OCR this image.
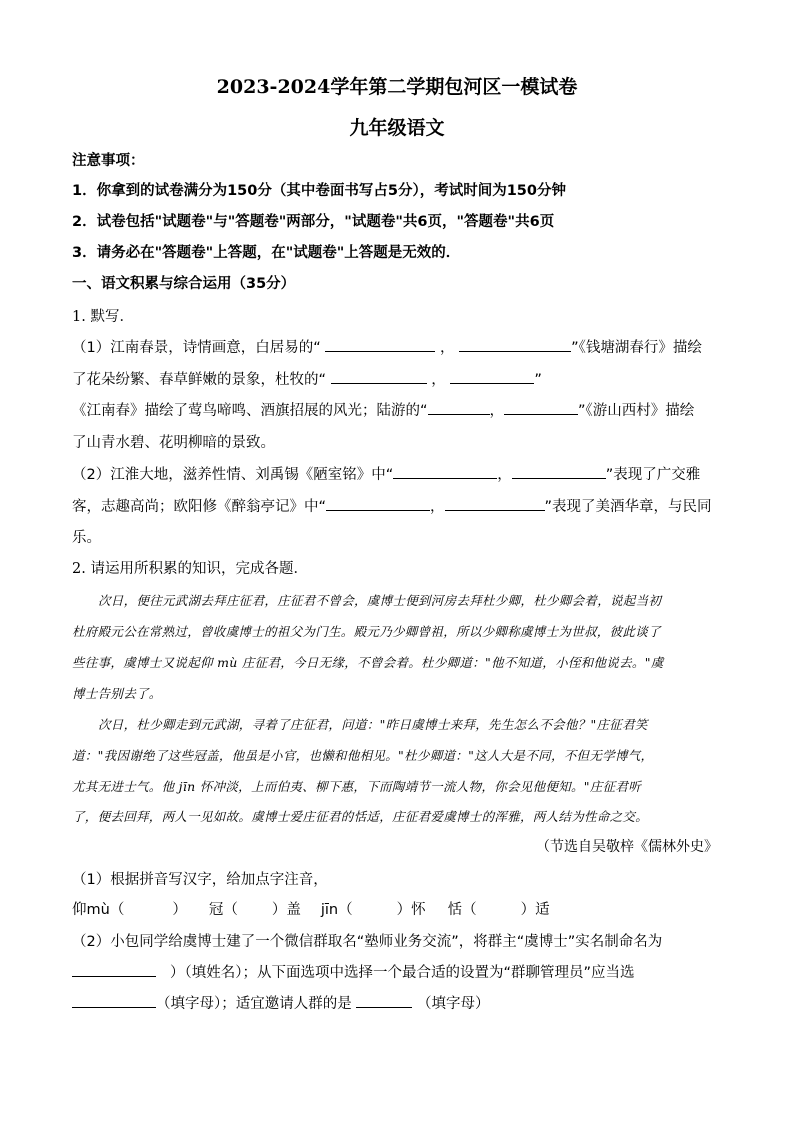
2023-2024学年第二学期包河区一模试卷
九年级语文
注意事项：
1．你拿到的试卷满分为150分（其中卷面书写占5分），考试时间为150分钟
2．试卷包括"试题卷"与"答题卷"两部分，"试题卷"共6页，"答题卷"共6页
3．请务必在"答题卷"上答题，在"试题卷"上答题是无效的．
一、语文积累与综合运用（35分）
1. 默写．
（1）江南春景，诗情画意，白居易的“	，	”《钱塘湖春行》描绘
了花朵纷繁、春草鲜嫩的景象，杜牧的“	，	”
《江南春》描绘了莺鸟啼鸣、酒旗招展的风光；陆游的“	，	”《游山西村》描绘
了山青水碧、花明柳暗的景致。
（2）江淮大地，滋养性情、刘禹锡《陋室铭》中“	，	”表现了广交雅
客，志趣高尚；欧阳修《醉翁亭记》中“	，	”表现了美酒华章，与民同
乐。
2. 请运用所积累的知识，完成各题．
次日，便往元武湖去拜庄征君，庄征君不曾会，虞博士便到河房去拜杜少卿，杜少卿会着，说起当初
杜府殿元公在常熟过，曾收虞博士的祖父为门生。殿元乃少卿曾祖，所以少卿称虞博士为世叔，彼此谈了
些往事，虞博士又说起仰 mù 庄征君，今日无缘，不曾会着。杜少卿道："他不知道，小侄和他说去。"虞
博士告别去了。
次日，杜少卿走到元武湖，寻着了庄征君，问道："昨日虞博士来拜，先生怎么不会他？"庄征君笑
道："我因谢绝了这些冠盖，他虽是小官，也懒和他相见。"杜少卿道："这人大是不同，不但无学博气，
尤其无进士气。他 jīn 怀冲淡，上而伯夷、柳下惠，下而陶靖节一流人物，你会见他便知。"庄征君听
了，便去回拜，两人一见如故。虞博士爱庄征君的恬适，庄征君爱虞博士的浑雅，两人结为性命之交。
（节选自吴敬梓《儒林外史》
（1）根据拼音写汉字，给加点字注音，
仰mù（	） 冠（ ）盖 jīn（	）怀 恬（	）适
（2）小包同学给虞博士建了一个微信群取名“塾师业务交流”，将群主“虞博士”实名制命名为
）（填姓名）；从下面选项中选择一个最合适的设置为“群聊管理员”应当选
（填字母）；适宜邀请人群的是	（填字母）
